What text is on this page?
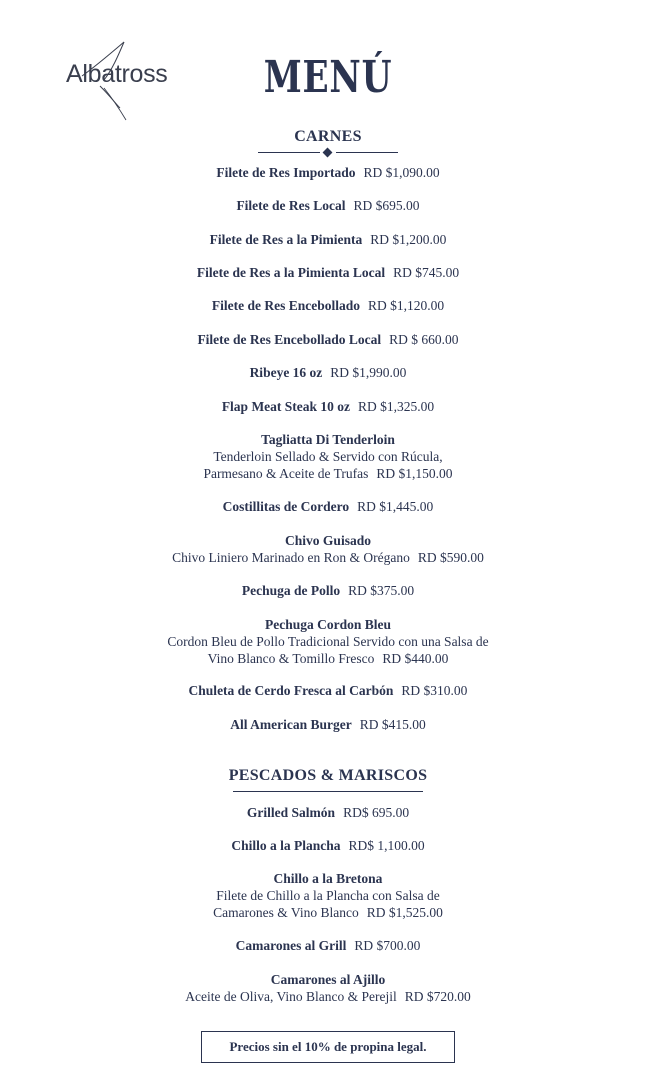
Albatross	MENÚ
CARNES
Filete de Res Importado RD $1,090.00
Filete de Res Local RD $695.00
Filete de Res a la Pimienta RD $1,200.00
Filete de Res a la Pimienta Local RD $745.00
Filete de Res Encebollado RD $1,120.00
Filete de Res Encebollado Local RD $ 660.00
Ribeye 16 oz RD $1,990.00
Flap Meat Steak 10 oz RD $1,325.00
Tagliatta Di Tenderloin
Tenderloin Sellado & Servido con Rúcula,
Parmesano & Aceite de Trufas RD $1,150.00
Costillitas de Cordero RD $1,445.00
Chivo Guisado
Chivo Liniero Marinado en Ron & Orégano RD $590.00
Pechuga de Pollo RD $375.00
Pechuga Cordon Bleu
Cordon Bleu de Pollo Tradicional Servido con una Salsa de
Vino Blanco & Tomillo Fresco RD $440.00
Chuleta de Cerdo Fresca al Carbón RD $310.00
All American Burger RD $415.00
PESCADOS & MARISCOS
Grilled Salmón RD$ 695.00
Chillo a la Plancha RD$ 1,100.00
Chillo a la Bretona
Filete de Chillo a la Plancha con Salsa de
Camarones & Vino Blanco RD $1,525.00
Camarones al Grill RD $700.00
Camarones al Ajillo
Aceite de Oliva, Vino Blanco & Perejil RD $720.00
Precios sin el 10% de propina legal.
